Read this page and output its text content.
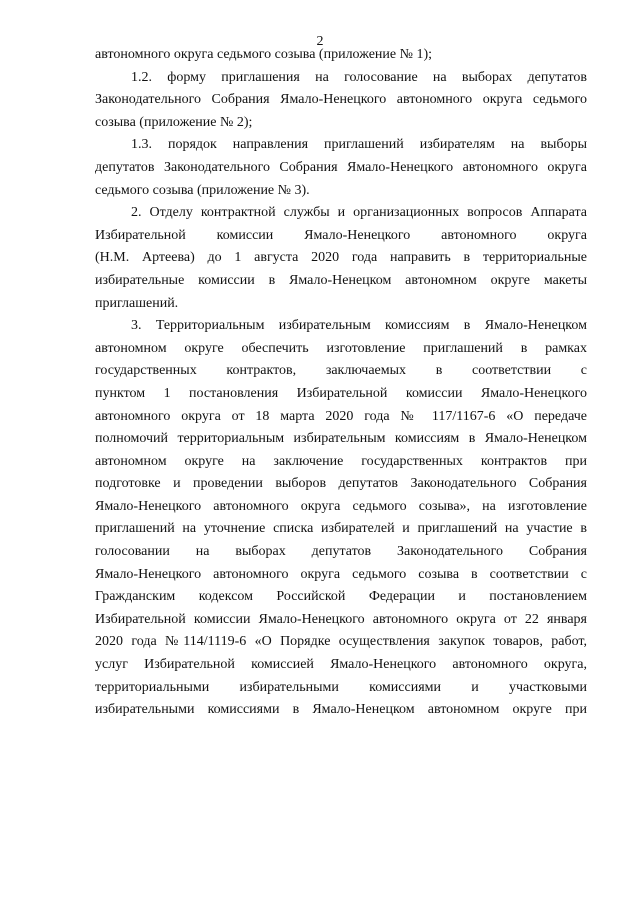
2
автономного округа седьмого созыва (приложение № 1);
1.2. форму приглашения на голосование на выборах депутатов
Законодательного Собрания Ямало-Ненецкого автономного округа седьмого
созыва (приложение № 2);
1.3. порядок направления приглашений избирателям на выборы
депутатов Законодательного Собрания Ямало-Ненецкого автономного округа
седьмого созыва (приложение № 3).
2. Отделу контрактной службы и организационных вопросов Аппарата
Избирательной комиссии Ямало-Ненецкого автономного округа
(Н.М. Артеева) до 1 августа 2020 года направить в территориальные
избирательные комиссии в Ямало-Ненецком автономном округе макеты
приглашений.
3. Территориальным избирательным комиссиям в Ямало-Ненецком
автономном округе обеспечить изготовление приглашений в рамках
государственных контрактов, заключаемых в соответствии с
пунктом 1 постановления Избирательной комиссии Ямало-Ненецкого
автономного округа от 18 марта 2020 года № 117/1167-6 «О передаче
полномочий территориальным избирательным комиссиям в Ямало-Ненецком
автономном округе на заключение государственных контрактов при
подготовке и проведении выборов депутатов Законодательного Собрания
Ямало-Ненецкого автономного округа седьмого созыва», на изготовление
приглашений на уточнение списка избирателей и приглашений на участие в
голосовании на выборах депутатов Законодательного Собрания
Ямало-Ненецкого автономного округа седьмого созыва в соответствии с
Гражданским кодексом Российской Федерации и постановлением
Избирательной комиссии Ямало-Ненецкого автономного округа от 22 января
2020 года №114/1119-6 «О Порядке осуществления закупок товаров, работ,
услуг Избирательной комиссией Ямало-Ненецкого автономного округа,
территориальными избирательными комиссиями и участковыми
избирательными комиссиями в Ямало-Ненецком автономном округе при
